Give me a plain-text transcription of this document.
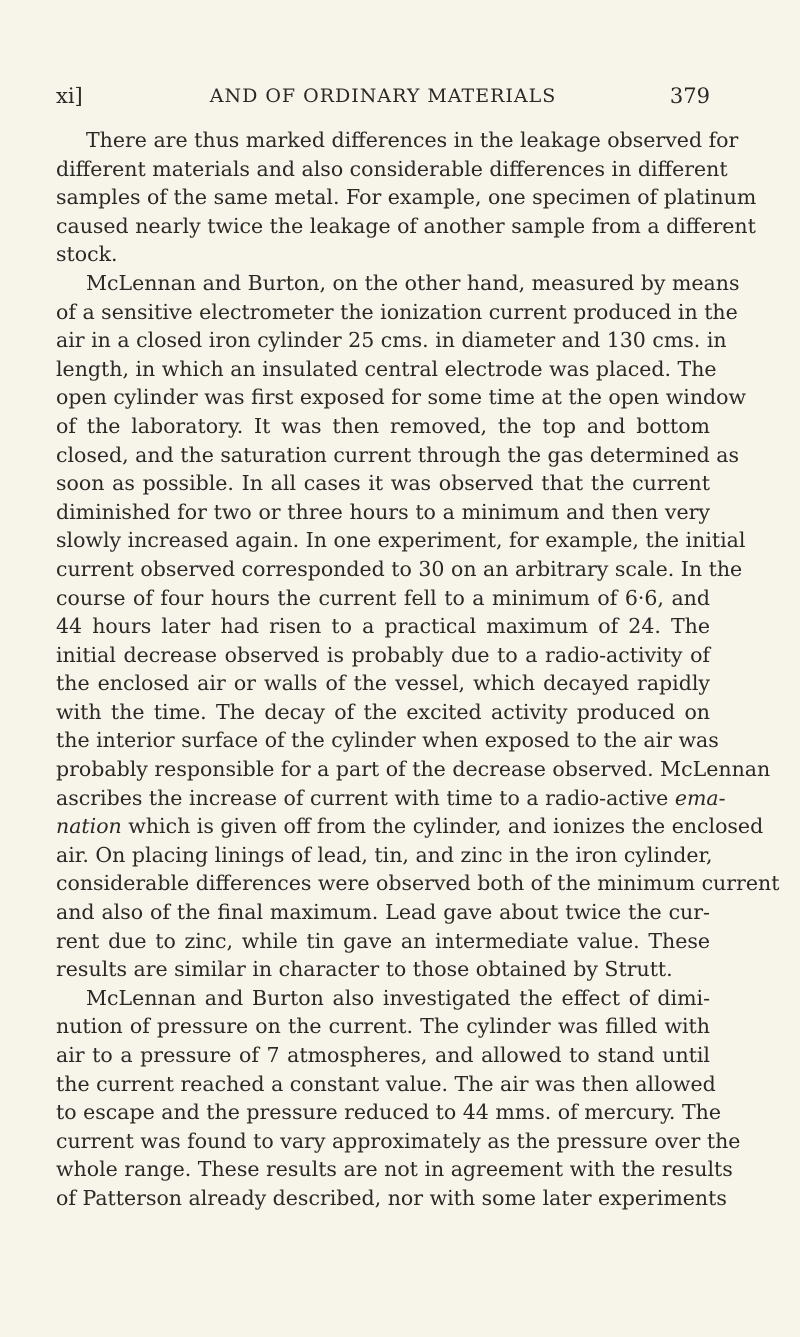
xi]	AND OF ORDINARY MATERIALS	379
There are thus marked differences in the leakage observed for
different materials and also considerable differences in different
samples of the same metal. For example, one specimen of platinum
caused nearly twice the leakage of another sample from a different
stock.
McLennan and Burton, on the other hand, measured by means
of a sensitive electrometer the ionization current produced in the
air in a closed iron cylinder 25 cms. in diameter and 130 cms. in
length, in which an insulated central electrode was placed. The
open cylinder was first exposed for some time at the open window
of the laboratory. It was then removed, the top and bottom
closed, and the saturation current through the gas determined as
soon as possible. In all cases it was observed that the current
diminished for two or three hours to a minimum and then very
slowly increased again. In one experiment, for example, the initial
current observed corresponded to 30 on an arbitrary scale. In the
course of four hours the current fell to a minimum of 6·6, and
44 hours later had risen to a practical maximum of 24. The
initial decrease observed is probably due to a radio-activity of
the enclosed air or walls of the vessel, which decayed rapidly
with the time. The decay of the excited activity produced on
the interior surface of the cylinder when exposed to the air was
probably responsible for a part of the decrease observed. McLennan
ascribes the increase of current with time to a radio-active ema-
nation which is given off from the cylinder, and ionizes the enclosed
air. On placing linings of lead, tin, and zinc in the iron cylinder,
considerable differences were observed both of the minimum current
and also of the final maximum. Lead gave about twice the cur-
rent due to zinc, while tin gave an intermediate value. These
results are similar in character to those obtained by Strutt.
McLennan and Burton also investigated the effect of dimi-
nution of pressure on the current. The cylinder was filled with
air to a pressure of 7 atmospheres, and allowed to stand until
the current reached a constant value. The air was then allowed
to escape and the pressure reduced to 44 mms. of mercury. The
current was found to vary approximately as the pressure over the
whole range. These results are not in agreement with the results
of Patterson already described, nor with some later experiments
